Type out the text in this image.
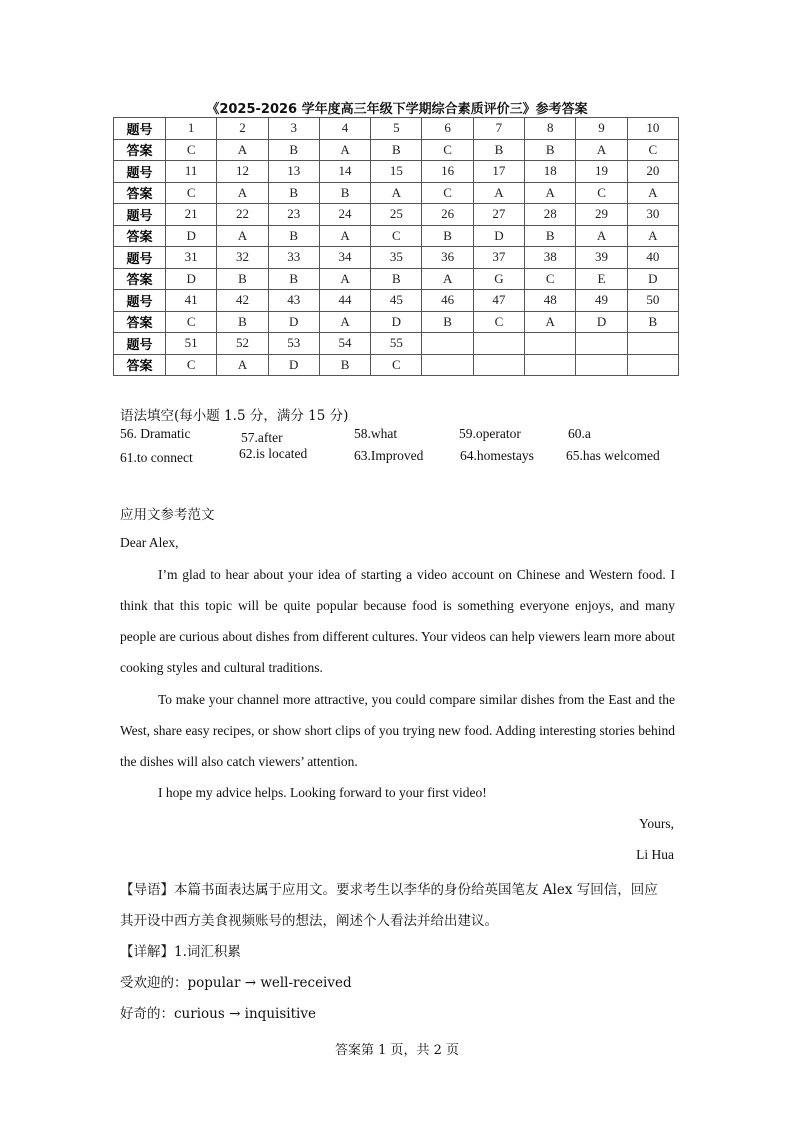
《2025-2026 学年度高三年级下学期综合素质评价三》参考答案
题号	1	2	3	4	5	6	7	8	9	10
答案	C	A	B	A	B	C	B	B	A	C
题号	11	12	13	14	15	16	17	18	19	20
答案	C	A	B	B	A	C	A	A	C	A
题号	21	22	23	24	25	26	27	28	29	30
答案	D	A	B	A	C	B	D	B	A	A
题号	31	32	33	34	35	36	37	38	39	40
答案	D	B	B	A	B	A	G	C	E	D
题号	41	42	43	44	45	46	47	48	49	50
答案	C	B	D	A	D	B	C	A	D	B
题号	51	52	53	54	55					
答案	C	A	D	B	C					
语法填空(每小题 1.5 分，满分 15 分)
56. Dramatic	57.after	58.what	59.operator	60.a
61.to connect	62.is located	63.Improved	64.homestays 65.has welcomed
应用文参考范文
Dear Alex,
I’m glad to hear about your idea of starting a video account on Chinese and Western food. I think that this topic will be quite popular because food is something everyone enjoys, and many people are curious about dishes from different cultures. Your videos can help viewers learn more about cooking styles and cultural traditions.
To make your channel more attractive, you could compare similar dishes from the East and the West, share easy recipes, or show short clips of you trying new food. Adding interesting stories behind the dishes will also catch viewers’ attention.
I hope my advice helps. Looking forward to your first video!
Yours,
Li Hua
【导语】本篇书面表达属于应用文。要求考生以李华的身份给英国笔友 Alex 写回信，回应
其开设中西方美食视频账号的想法，阐述个人看法并给出建议。
【详解】1.词汇积累
受欢迎的：popular → well-received
好奇的：curious → inquisitive
答案第 1 页，共 2 页
